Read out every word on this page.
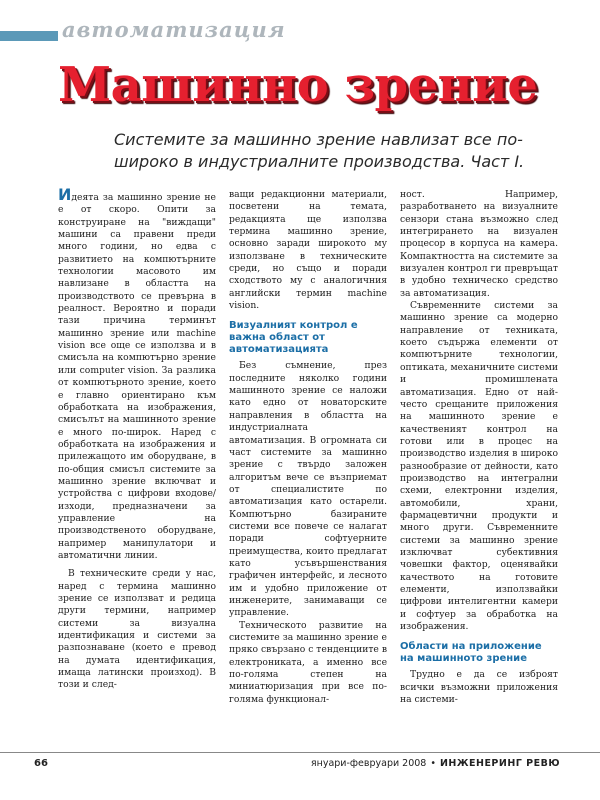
автоматизация
Машинно зрение
Системите за машинно зрение навлизат все по-широко в индустриалните производства. Част I.

Идеята за машинно зрение не е от скоро. Опити за конструиране на "виждащи" машини са правени преди много години, но едва с развитието на компютърните технологии масовото им навлизане в областта на производството се превърна в реалност. Вероятно и поради тази причина терминът машинно зрение или machine vision все още се използва и в смисъла на компютърно зрение или computer vision. За разлика от компютърното зрение, което е главно ориентирано към обработката на изображения, смисълът на машинното зрение е много по-широк. Наред с обработката на изображения и прилежащото им оборудване, в по-общия смисъл системите за машинно зрение включват и устройства с цифрови входове/изходи, предназначени за управление на производственото оборудване, например манипулатори и автоматични линии.

В техническите среди у нас, наред с термина машинно зрение се използват и редица други термини, например системи за визуална идентификация и системи за разпознаване (което е превод на думата идентификация, имаща латински произход). В този и след-

ващи редакционни материали, посветени на темата, редакцията ще използва термина машинно зрение, основно заради широкото му използване в техническите среди, но също и поради сходството му с аналогичния английски термин machine vision.

Визуалният контрол е важна област от автоматизацията

Без съмнение, през последните няколко години машинното зрение се наложи като едно от новаторските направления в областта на индустриалната автоматизация. В огромната си част системите за машинно зрение с твърдо заложен алгоритъм вече се възприемат от специалистите по автоматизация като остарели. Компютърно базираните системи все повече се налагат поради софтуерните преимущества, които предлагат като усъвършенствания графичен интерфейс, и лесното им и удобно приложение от инженерите, занимаващи се управление.

Техническото развитие на системите за машинно зрение е пряко свързано с тенденциите в електрониката, а именно все по-голяма степен на миниатюризация при все по-голяма функционал-

ност. Например, разработването на визуалните сензори стана възможно след интегрирането на визуален процесор в корпуса на камера. Компактността на системите за визуален контрол ги превръщат в удобно техническо средство за автоматизация.

Съвременните системи за машинно зрение са модерно направление от техниката, което съдържа елементи от компютърните технологии, оптиката, механичните системи и промишлената автоматизация. Едно от най-често срещаните приложения на машинното зрение е качественият контрол на готови или в процес на производство изделия в широко разнообразие от дейности, като производство на интегрални схеми, електронни изделия, автомобили, храни, фармацевтични продукти и много други. Съвременните системи за машинно зрение изключват субективния човешки фактор, оценявайки качеството на готовите елементи, използвайки цифрови интелигентни камери и софтуер за обработка на изображения.

Области на приложение на машинното зрение

Трудно е да се изброят всички възможни приложения на системи-

66	януари-февруари 2008 • ИНЖЕНЕРИНГ РЕВЮ
